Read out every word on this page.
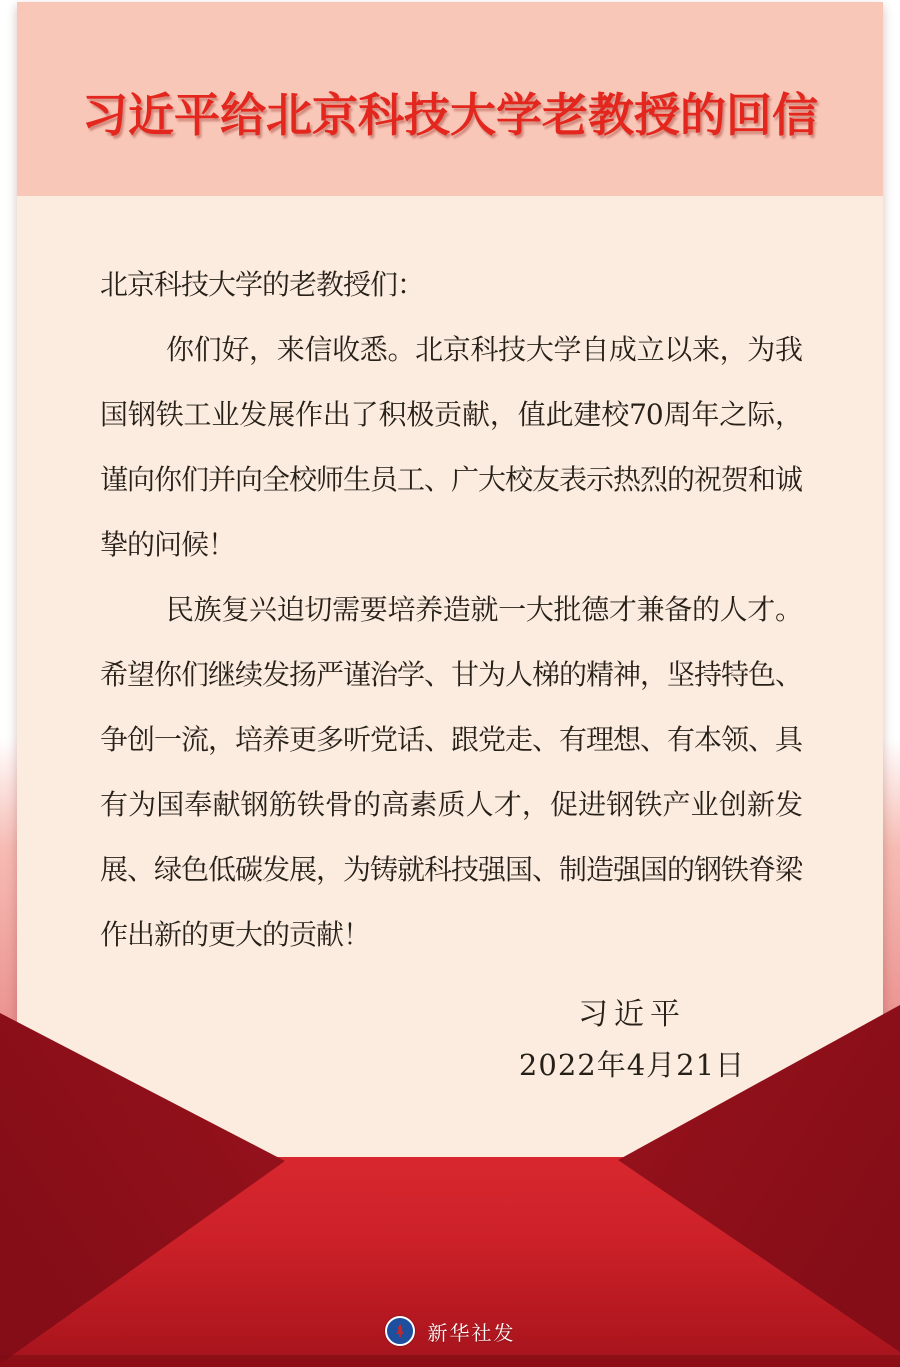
习近平给北京科技大学老教授的回信

北京科技大学的老教授们：

你们好，来信收悉。北京科技大学自成立以来，为我国钢铁工业发展作出了积极贡献，值此建校70周年之际，谨向你们并向全校师生员工、广大校友表示热烈的祝贺和诚挚的问候！

民族复兴迫切需要培养造就一大批德才兼备的人才。希望你们继续发扬严谨治学、甘为人梯的精神，坚持特色、争创一流，培养更多听党话、跟党走、有理想、有本领、具有为国奉献钢筋铁骨的高素质人才，促进钢铁产业创新发展、绿色低碳发展，为铸就科技强国、制造强国的钢铁脊梁作出新的更大的贡献！

习近平
2022年4月21日
新华社发
